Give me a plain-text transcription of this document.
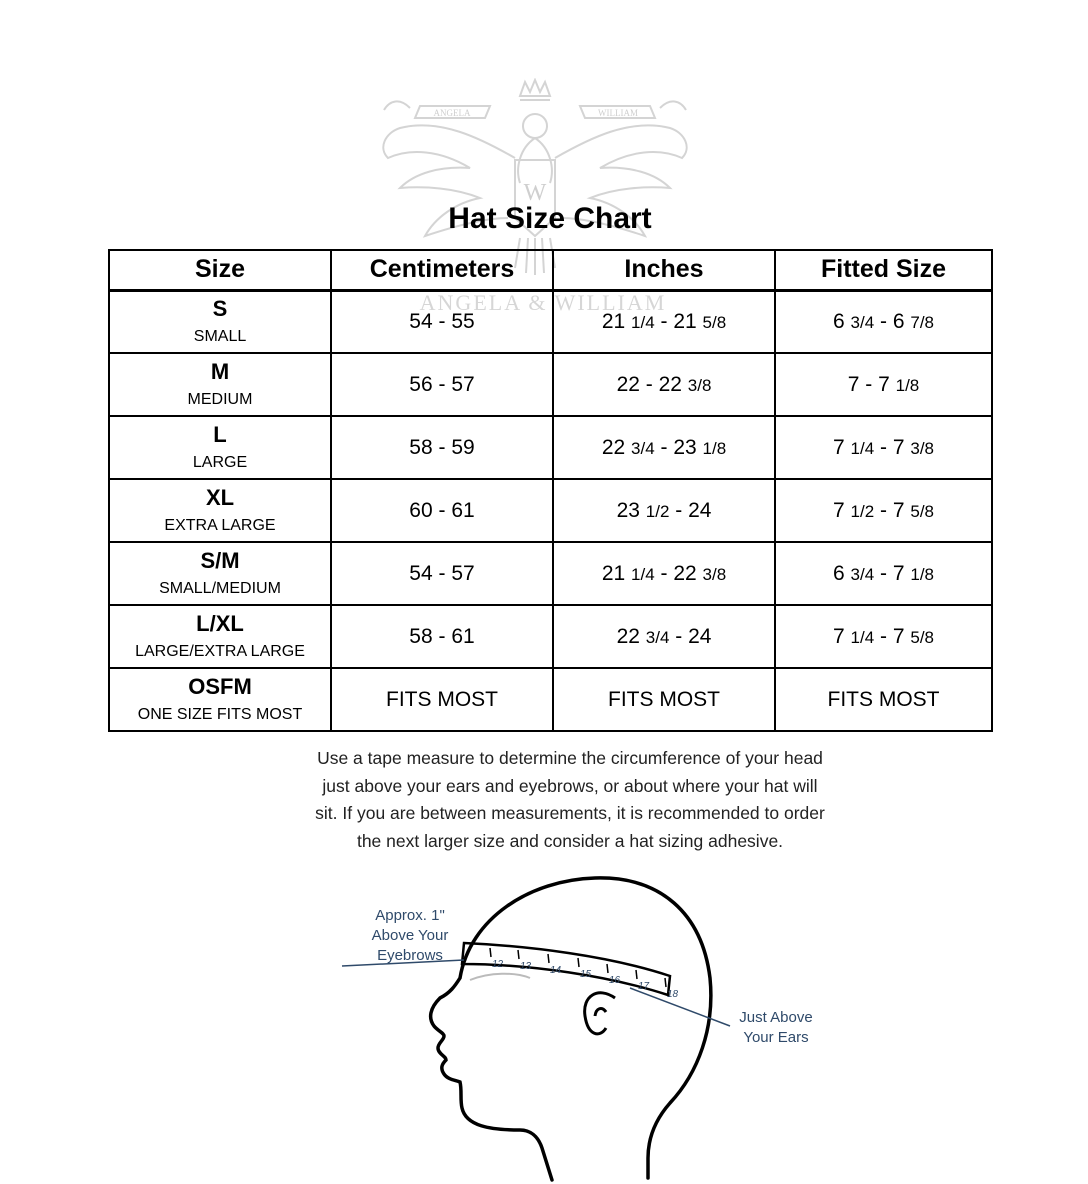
W
ANGELA	WILLIAM
Hat Size Chart
Size	Centimeters	Inches	Fitted Size

S
SMALL	54 - 55	21 1/4 - 21 5/8	6 3/4 - 6 7/8

M
MEDIUM	56 - 57	22 - 22 3/8	7 - 7 1/8

L
LARGE	58 - 59	22 3/4 - 23 1/8	7 1/4 - 7 3/8

XL
EXTRA LARGE	60 - 61	23 1/2 - 24	7 1/2 - 7 5/8

S/M
SMALL/MEDIUM	54 - 57	21 1/4 - 22 3/8	6 3/4 - 7 1/8

L/XL
LARGE/EXTRA LARGE	58 - 61	22 3/4 - 24	7 1/4 - 7 5/8

OSFM
ONE SIZE FITS MOST	FITS MOST	FITS MOST	FITS MOST
ANGELA & WILLIAM
Use a tape measure to determine the circumference of your head
just above your ears and eyebrows, or about where your hat will
sit. If you are between measurements, it is recommended to order
the next larger size and consider a hat sizing adhesive.
12 13 14 15
16
17
18
Approx. 1"
Above Your
Eyebrows
Just Above
Your Ears
